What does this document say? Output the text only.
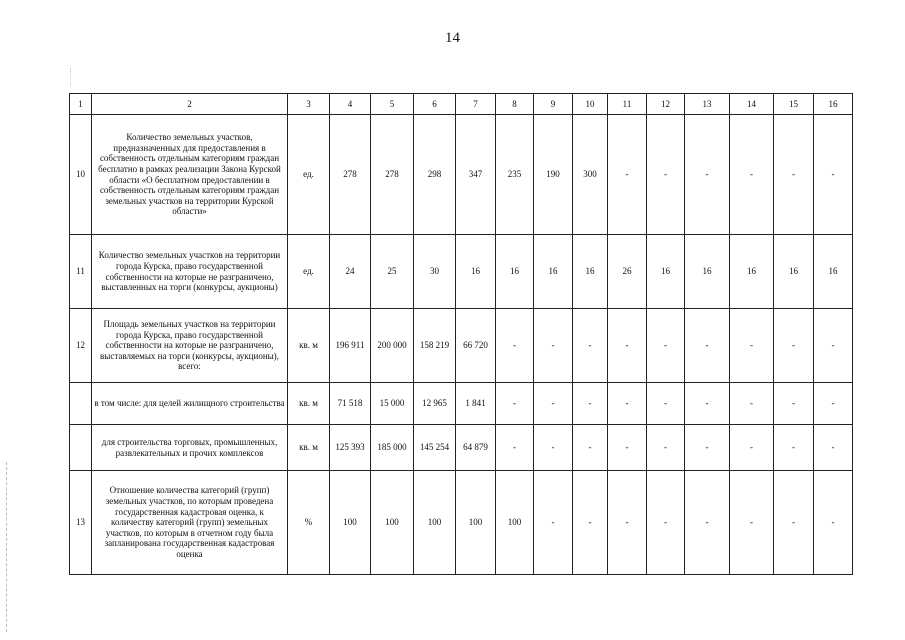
14
1	2	3	4	5	6	7	8	9	10	11	12	13	14	15	16
10	Количество земельных участков, предназначенных для предоставления в собственность отдельным категориям граждан бесплатно в рамках реализации Закона Курской области «О бесплатном предоставлении в собственность отдельным категориям граждан земельных участков на территории Курской области»	ед.	278	278	298	347	235	190	300	-	-	-	-	-	-
11	Количество земельных участков на территории города Курска, право государственной собственности на которые не разграничено, выставленных на торги (конкурсы, аукционы)	ед.	24	25	30	16	16	16	16	26	16	16	16	16	16
12	Площадь земельных участков на территории города Курска, право государственной собственности на которые не разграничено, выставляемых на торги (конкурсы, аукционы), всего:	кв. м	196 911	200 000	158 219	66 720	-	-	-	-	-	-	-	-	-
	в том числе: для целей жилищного строительства	кв. м	71 518	15 000	12 965	1 841	-	-	-	-	-	-	-	-	-
	для строительства торговых, промышленных, развлекательных и прочих комплексов	кв. м	125 393	185 000	145 254	64 879	-	-	-	-	-	-	-	-	-
13	Отношение количества категорий (групп) земельных участков, по которым проведена государственная кадастровая оценка, к количеству категорий (групп) земельных участков, по которым в отчетном году была запланирована государственная кадастровая оценка	%	100	100	100	100	100	-	-	-	-	-	-	-	-
